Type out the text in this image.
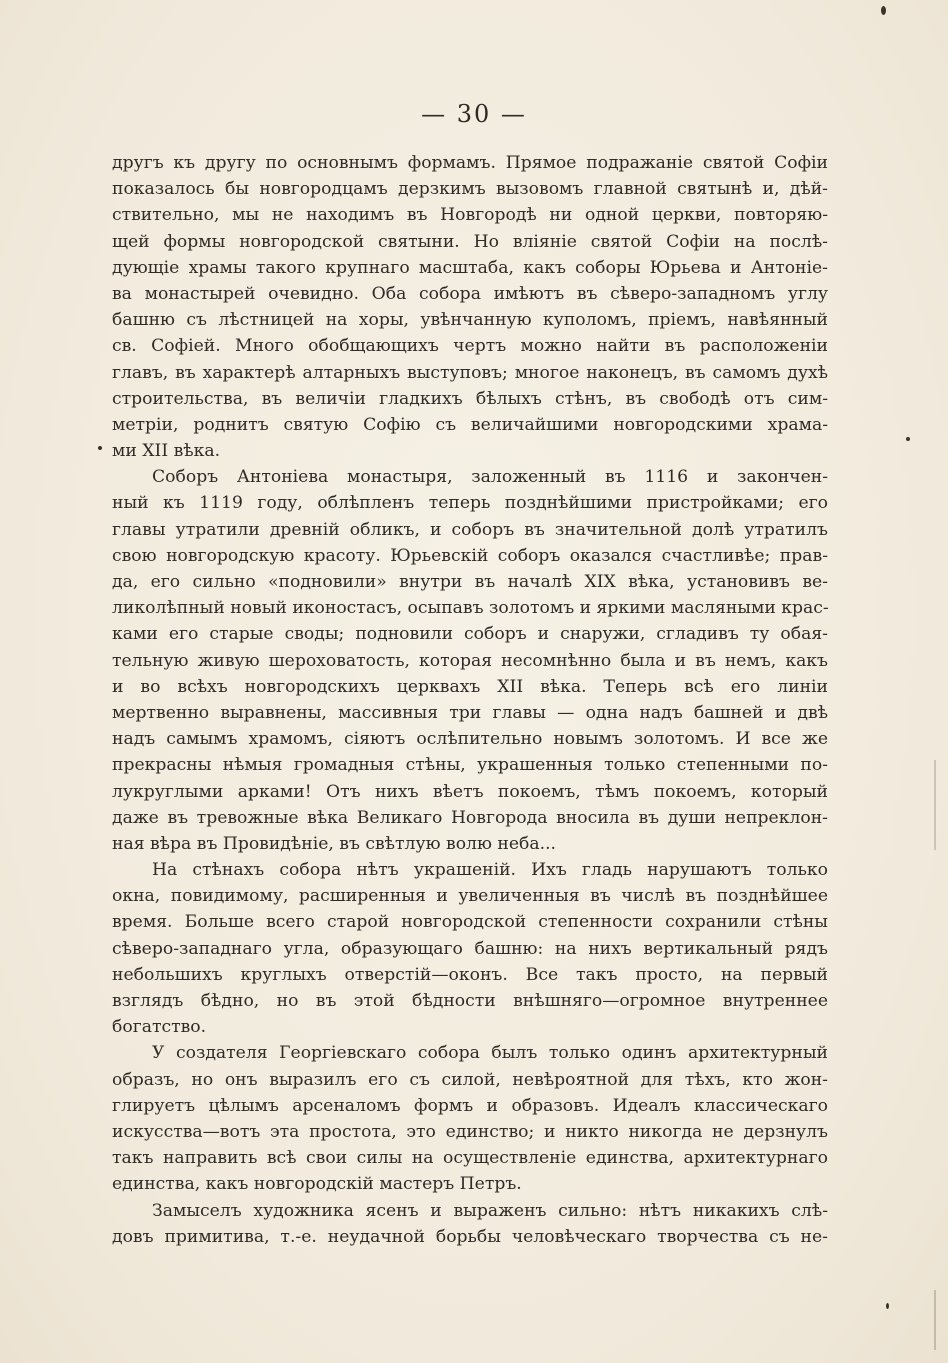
— 30 —
другъ къ другу по основнымъ формамъ. Прямое подражаніе святой Софіи
показалось бы новгородцамъ дерзкимъ вызовомъ главной святынѣ и, дѣй-
ствительно, мы не находимъ въ Новгородѣ ни одной церкви, повторяю-
щей формы новгородской святыни. Но вліяніе святой Софіи на послѣ-
дующіе храмы такого крупнаго масштаба, какъ соборы Юрьева и Антоніе-
ва монастырей очевидно. Оба собора имѣютъ въ сѣверо-западномъ углу
башню съ лѣстницей на хоры, увѣнчанную куполомъ, пріемъ, навѣянный
св. Софіей. Много обобщающихъ чертъ можно найти въ расположеніи
главъ, въ характерѣ алтарныхъ выступовъ; многое наконецъ, въ самомъ духѣ
строительства, въ величіи гладкихъ бѣлыхъ стѣнъ, въ свободѣ отъ сим-
метріи, роднитъ святую Софію съ величайшими новгородскими храма-
ми XII вѣка.
Соборъ Антоніева монастыря, заложенный въ 1116 и закончен-
ный къ 1119 году, облѣпленъ теперь позднѣйшими пристройками; его
главы утратили древній обликъ, и соборъ въ значительной долѣ утратилъ
свою новгородскую красоту. Юрьевскій соборъ оказался счастливѣе; прав-
да, его сильно «подновили» внутри въ началѣ XIX вѣка, установивъ ве-
ликолѣпный новый иконостасъ, осыпавъ золотомъ и яркими масляными крас-
ками его старые своды; подновили соборъ и снаружи, сгладивъ ту обая-
тельную живую шероховатость, которая несомнѣнно была и въ немъ, какъ
и во всѣхъ новгородскихъ церквахъ XII вѣка. Теперь всѣ его линіи
мертвенно выравнены, массивныя три главы — одна надъ башней и двѣ
надъ самымъ храмомъ, сіяютъ ослѣпительно новымъ золотомъ. И все же
прекрасны нѣмыя громадныя стѣны, украшенныя только степенными по-
лукруглыми арками! Отъ нихъ вѣетъ покоемъ, тѣмъ покоемъ, который
даже въ тревожные вѣка Великаго Новгорода вносила въ души непреклон-
ная вѣра въ Провидѣніе, въ свѣтлую волю неба...
На стѣнахъ собора нѣтъ украшеній. Ихъ гладь нарушаютъ только
окна, повидимому, расширенныя и увеличенныя въ числѣ въ позднѣйшее
время. Больше всего старой новгородской степенности сохранили стѣны
сѣверо-западнаго угла, образующаго башню: на нихъ вертикальный рядъ
небольшихъ круглыхъ отверстій—оконъ. Все такъ просто, на первый
взглядъ бѣдно, но въ этой бѣдности внѣшняго—огромное внутреннее
богатство.
У создателя Георгіевскаго собора былъ только одинъ архитектурный
образъ, но онъ выразилъ его съ силой, невѣроятной для тѣхъ, кто жон-
глируетъ цѣлымъ арсеналомъ формъ и образовъ. Идеалъ классическаго
искусства—вотъ эта простота, это единство; и никто никогда не дерзнулъ
такъ направить всѣ свои силы на осуществленіе единства, архитектурнаго
единства, какъ новгородскій мастеръ Петръ.
Замыселъ художника ясенъ и выраженъ сильно: нѣтъ никакихъ слѣ-
довъ примитива, т.-е. неудачной борьбы человѣческаго творчества съ не-
